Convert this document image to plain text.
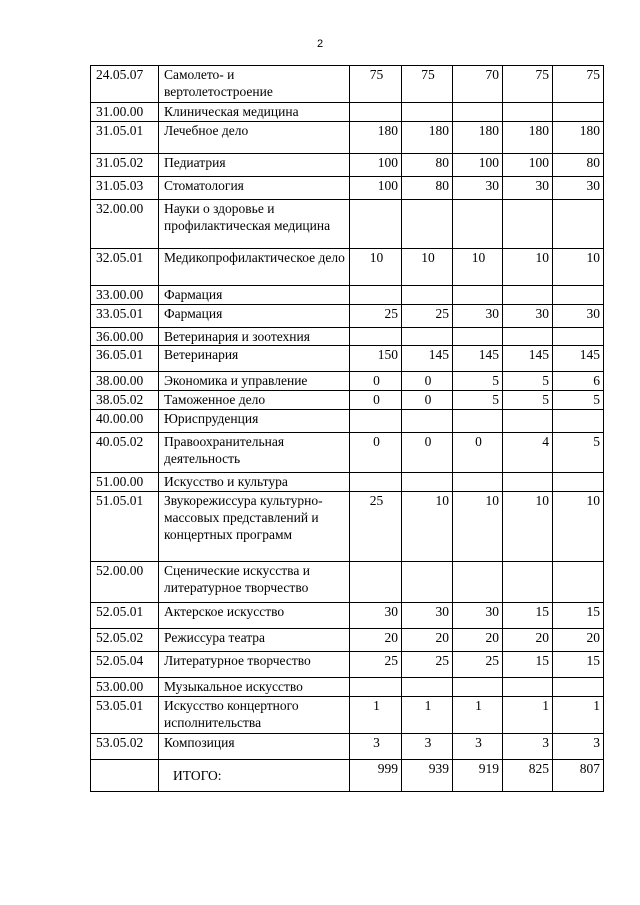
2
24.05.07	Самолето- и вертолетостроение	75	75	70	75	75
31.00.00	Клиническая медицина					
31.05.01	Лечебное дело	180	180	180	180	180
31.05.02	Педиатрия	100	80	100	100	80
31.05.03	Стоматология	100	80	30	30	30
32.00.00	Науки о здоровье и профилактическая медицина					
32.05.01	Медикопрофилактическое дело	10	10	10	10	10
33.00.00	Фармация					
33.05.01	Фармация	25	25	30	30	30
36.00.00	Ветеринария и зоотехния					
36.05.01	Ветеринария	150	145	145	145	145
38.00.00	Экономика и управление	0	0	5	5	6
38.05.02	Таможенное дело	0	0	5	5	5
40.00.00	Юриспруденция					
40.05.02	Правоохранительная деятельность	0	0	0	4	5
51.00.00	Искусство и культура					
51.05.01	Звукорежиссура культурно-массовых представлений и концертных программ	25	10	10	10	10
52.00.00	Сценические искусства и литературное творчество					
52.05.01	Актерское искусство	30	30	30	15	15
52.05.02	Режиссура театра	20	20	20	20	20
52.05.04	Литературное творчество	25	25	25	15	15
53.00.00	Музыкальное искусство					
53.05.01	Искусство концертного исполнительства	1	1	1	1	1
53.05.02	Композиция	3	3	3	3	3
	ИТОГО:	999	939	919	825	807
